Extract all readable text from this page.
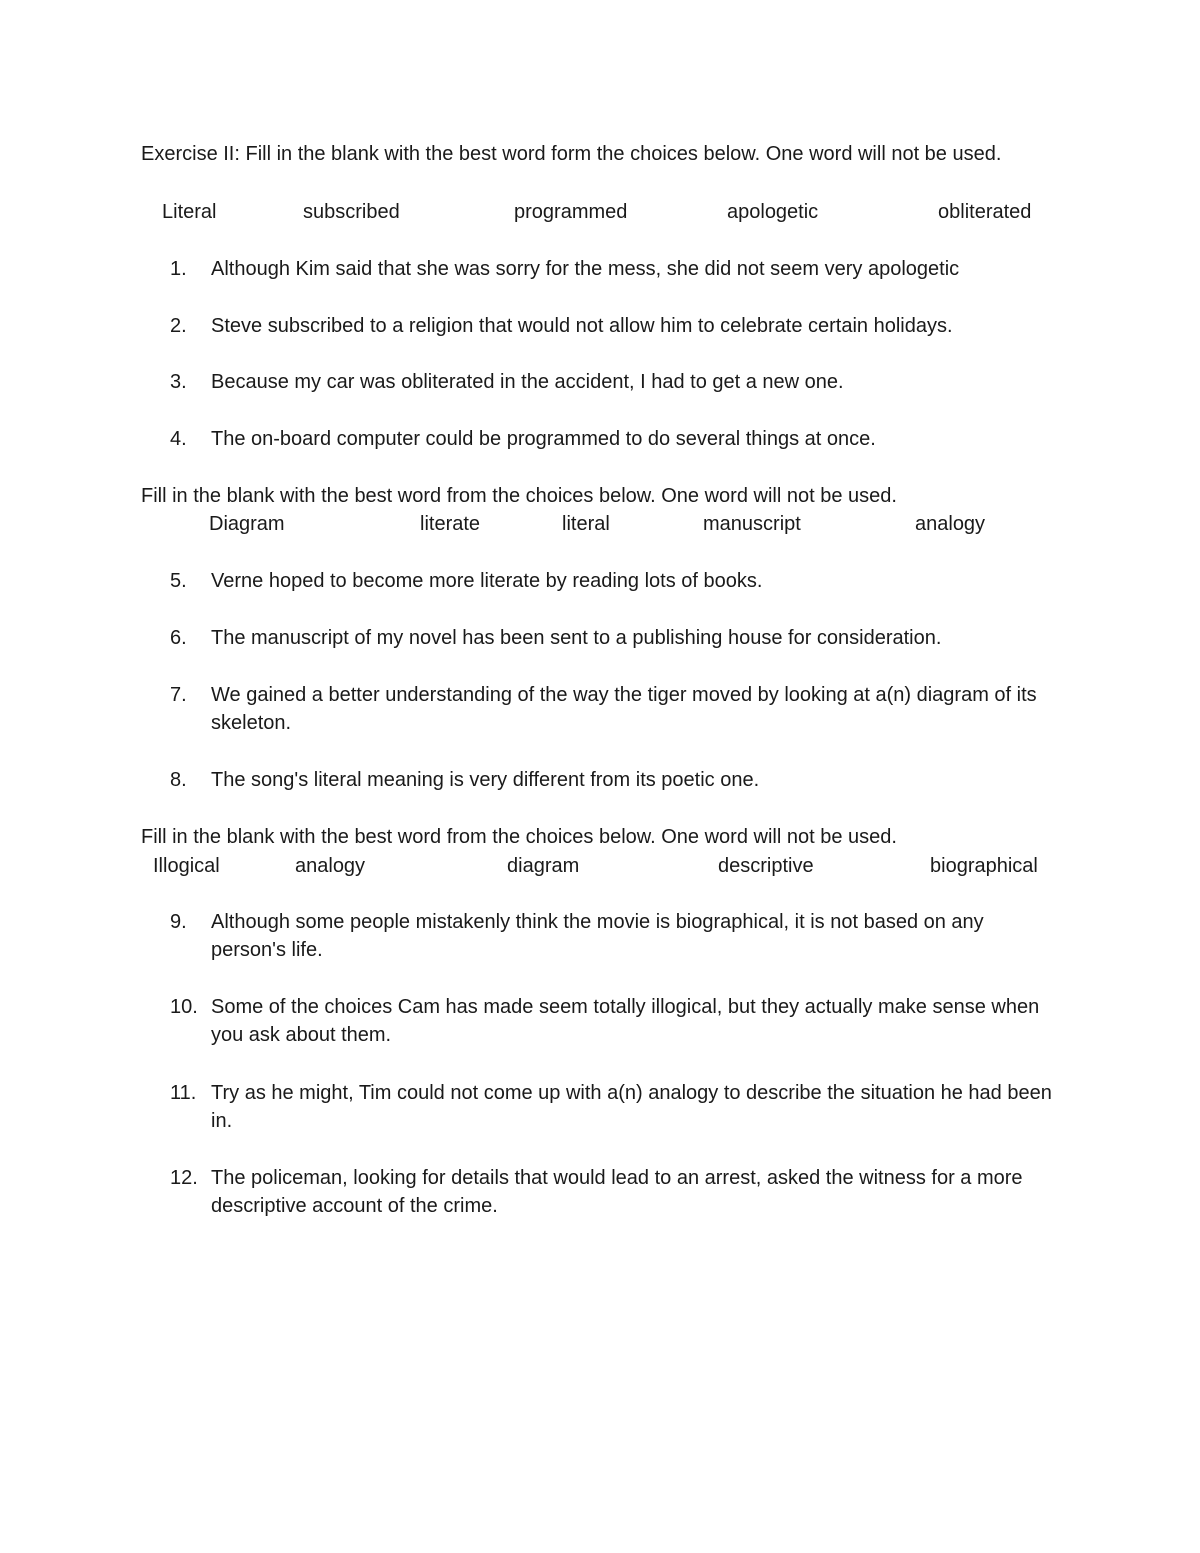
Exercise II: Fill in the blank with the best word form the choices below. One word will not be used.

Literal	subscribed	programmed	apologetic	obliterated
1.	Although Kim said that she was sorry for the mess, she did not seem very apologetic
2.	Steve subscribed to a religion that would not allow him to celebrate certain holidays.
3.	Because my car was obliterated in the accident, I had to get a new one.
4.	The on-board computer could be programmed to do several things at once.

Fill in the blank with the best word from the choices below. One word will not be used.

Diagram	literate	literal	manuscript	analogy
5.	Verne hoped to become more literate by reading lots of books.
6.	The manuscript of my novel has been sent to a publishing house for consideration.
7.	We gained a better understanding of the way the tiger moved by looking at a(n) diagram of its skeleton.
8.	The song's literal meaning is very different from its poetic one.

Fill in the blank with the best word from the choices below. One word will not be used.

Illogical	analogy	diagram	descriptive	biographical
9.	Although some people mistakenly think the movie is biographical, it is not based on any person's life.
10. Some of the choices Cam has made seem totally illogical, but they actually make sense when you ask about them.
11. Try as he might, Tim could not come up with a(n) analogy to describe the situation he had been in.
12. The policeman, looking for details that would lead to an arrest, asked the witness for a more descriptive account of the crime.
